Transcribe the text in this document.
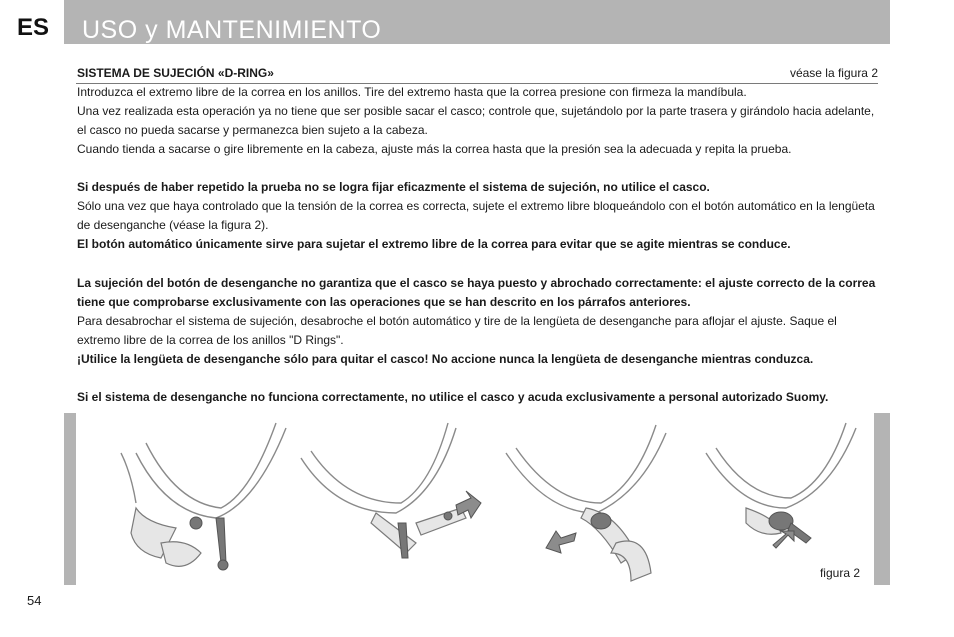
ES USO y MANTENIMIENTO
SISTEMA DE SUJECIÓN «D-RING»	véase la figura 2

Introduzca el extremo libre de la correa en los anillos. Tire del extremo hasta que la correa presione con firmeza la mandíbula.

Una vez realizada esta operación ya no tiene que ser posible sacar el casco; controle que, sujetándolo por la parte trasera y girándolo hacia adelante, el casco no pueda sacarse y permanezca bien sujeto a la cabeza.

Cuando tienda a sacarse o gire libremente en la cabeza, ajuste más la correa hasta que la presión sea la adecuada y repita la prueba.

Si después de haber repetido la prueba no se logra fijar eficazmente el sistema de sujeción, no utilice el casco.

Sólo una vez que haya controlado que la tensión de la correa es correcta, sujete el extremo libre bloqueándolo con el botón automático en la lengüeta de desenganche (véase la figura 2).

El botón automático únicamente sirve para sujetar el extremo libre de la correa para evitar que se agite mientras se conduce.

La sujeción del botón de desenganche no garantiza que el casco se haya puesto y abrochado correctamente: el ajuste correcto de la correa tiene que comprobarse exclusivamente con las operaciones que se han descrito en los párrafos anteriores.

Para desabrochar el sistema de sujeción, desabroche el botón automático y tire de la lengüeta de desenganche para aflojar el ajuste. Saque el extremo libre de la correa de los anillos "D Rings".

¡Utilice la lengüeta de desenganche sólo para quitar el casco! No accione nunca la lengüeta de desenganche mientras conduzca.

Si el sistema de desenganche no funciona correctamente, no utilice el casco y acuda exclusivamente a personal autorizado Suomy.

figura 2
54
